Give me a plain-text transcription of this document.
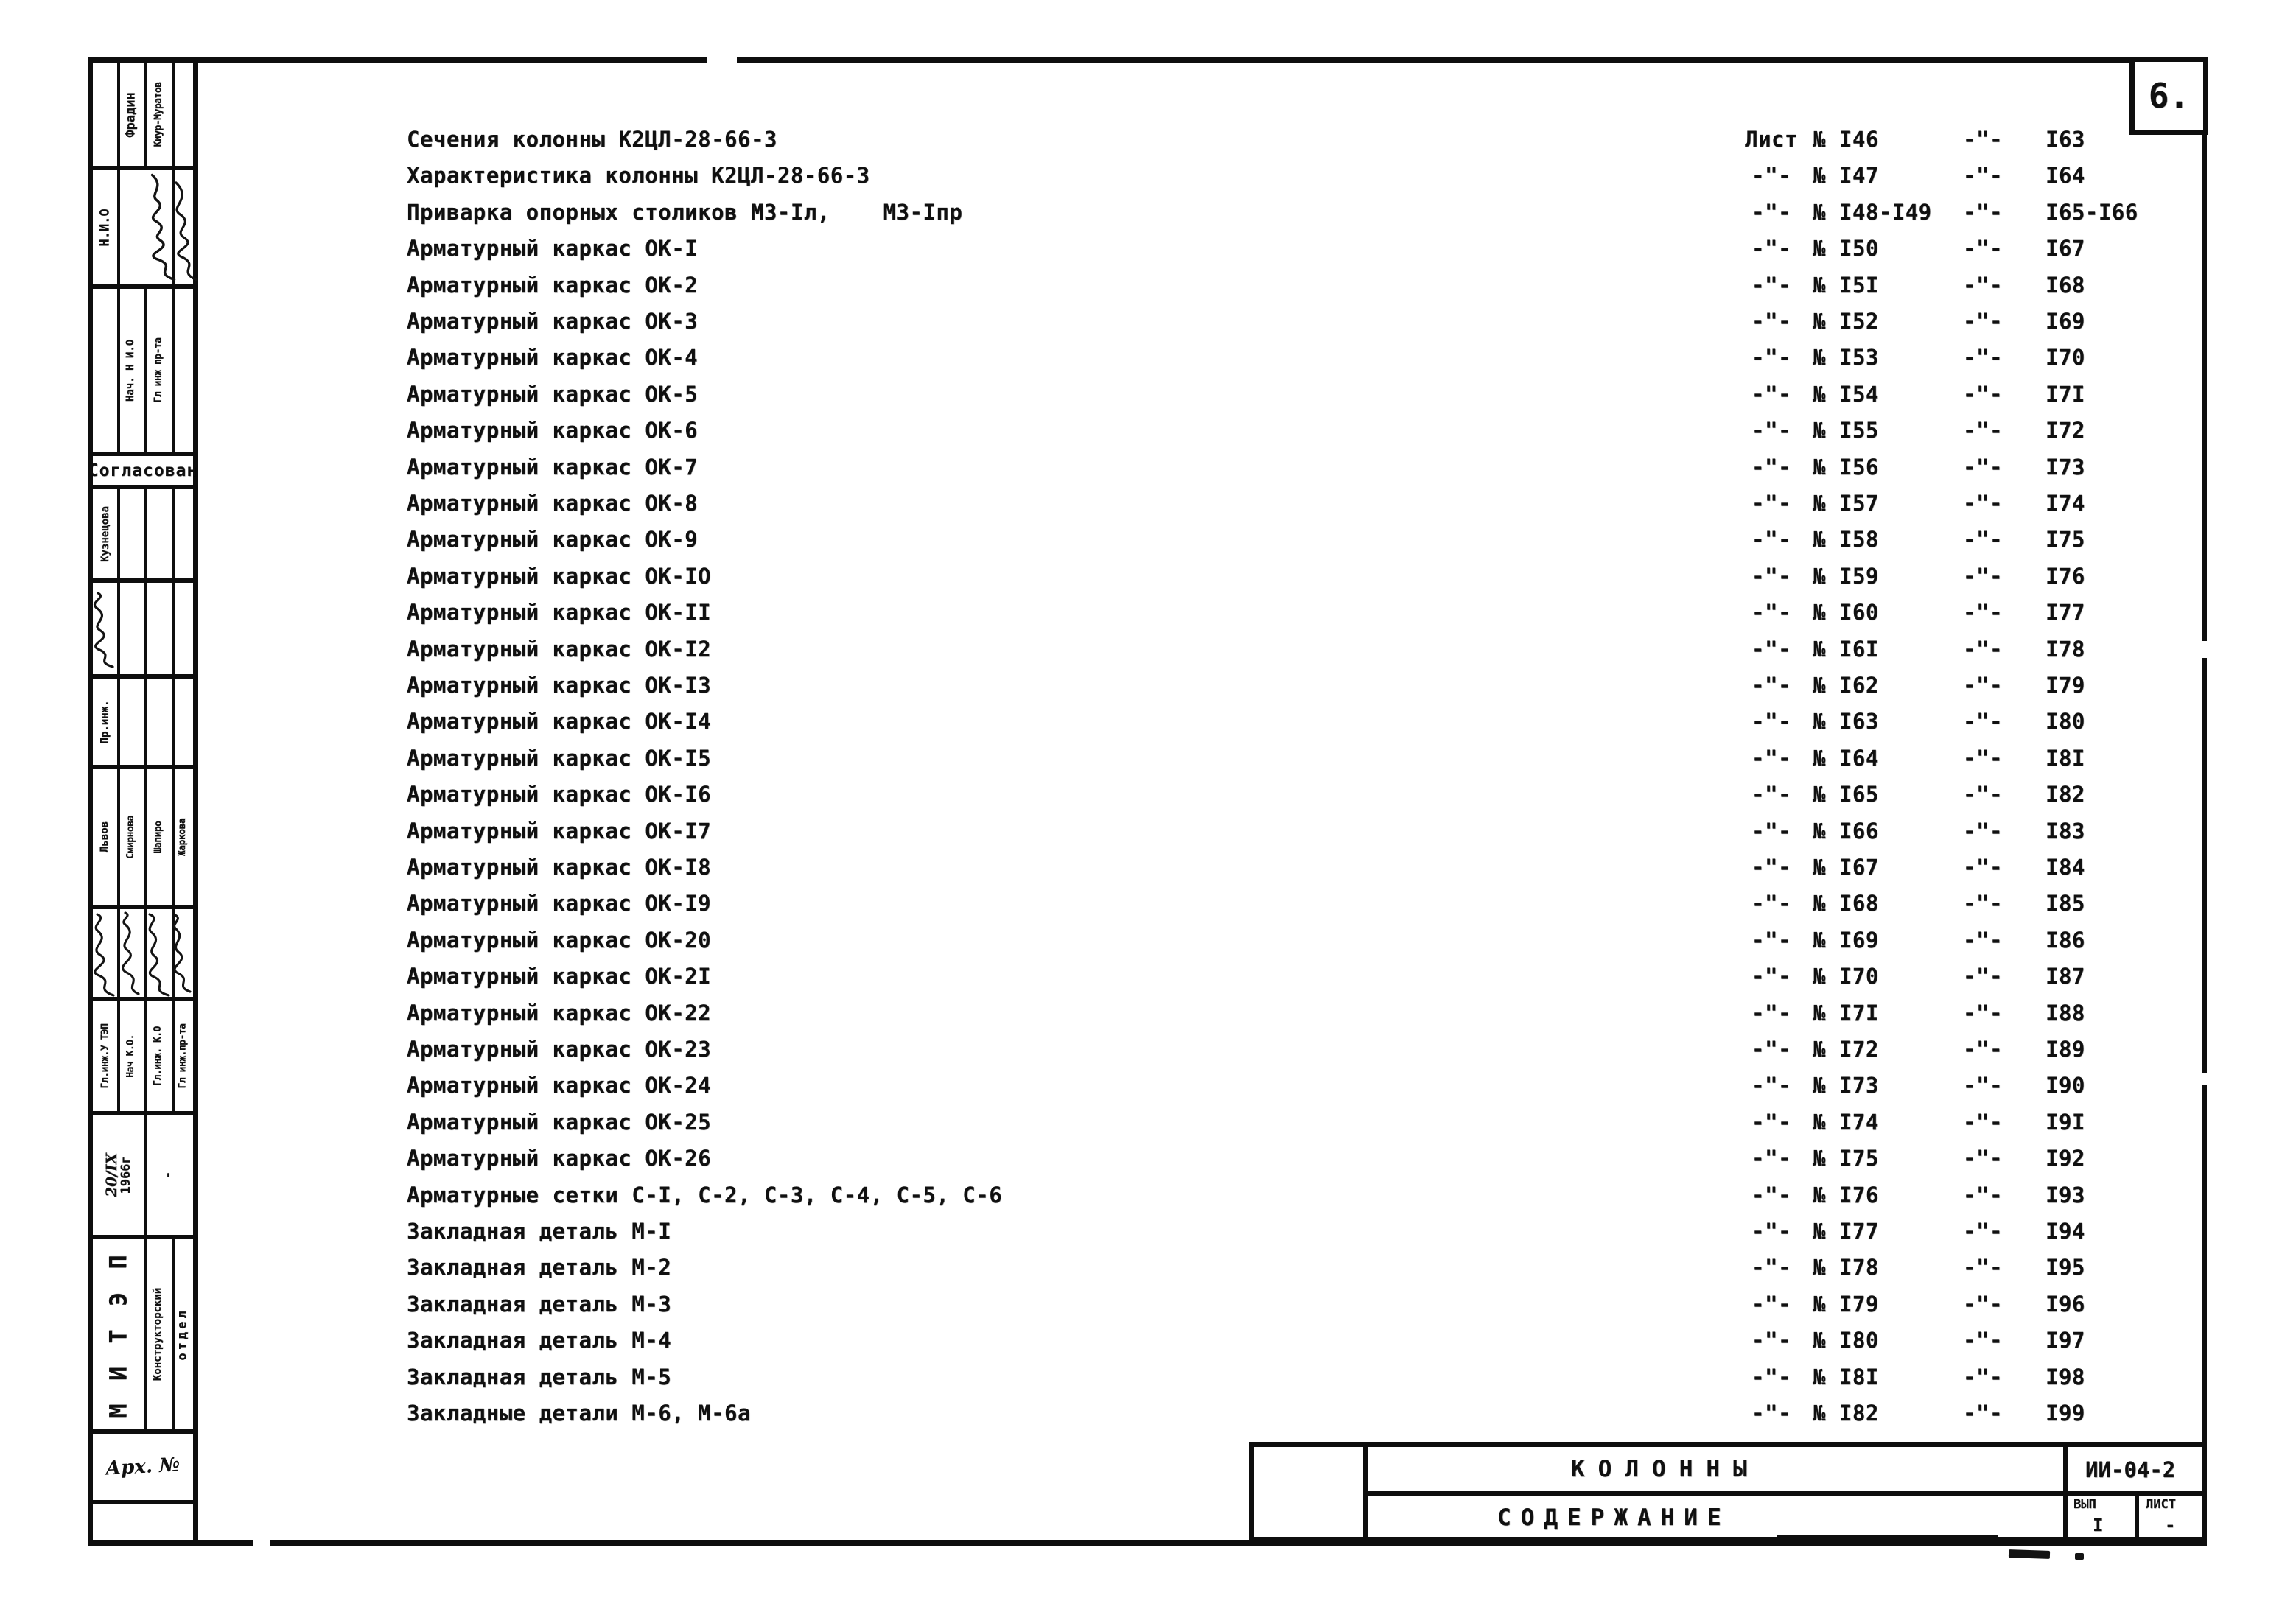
6.
Сечения колонны К2ЦЛ-28-66-3	Лист № I46	-"-	I63
Характеристика колонны К2ЦЛ-28-66-3	-"-	№ I47	-"-	I64
Приварка опорных столиков М3-Iл,    М3-Iпр	-"-	№ I48-I49	-"-	I65-I66
Арматурный каркас ОК-I	-"-	№ I50	-"-	I67
Арматурный каркас ОК-2	-"-	№ I5I	-"-	I68
Арматурный каркас ОК-3	-"-	№ I52	-"-	I69
Арматурный каркас ОК-4	-"-	№ I53	-"-	I70
Арматурный каркас ОК-5	-"-	№ I54	-"-	I7I
Арматурный каркас ОК-6	-"-	№ I55	-"-	I72
Арматурный каркас ОК-7	-"-	№ I56	-"-	I73
Арматурный каркас ОК-8	-"-	№ I57	-"-	I74
Арматурный каркас ОК-9	-"-	№ I58	-"-	I75
Арматурный каркас ОК-IO	-"-	№ I59	-"-	I76
Арматурный каркас ОК-II	-"-	№ I60	-"-	I77
Арматурный каркас ОК-I2	-"-	№ I6I	-"-	I78
Арматурный каркас ОК-I3	-"-	№ I62	-"-	I79
Арматурный каркас ОК-I4	-"-	№ I63	-"-	I80
Арматурный каркас ОК-I5	-"-	№ I64	-"-	I8I
Арматурный каркас ОК-I6	-"-	№ I65	-"-	I82
Арматурный каркас ОК-I7	-"-	№ I66	-"-	I83
Арматурный каркас ОК-I8	-"-	№ I67	-"-	I84
Арматурный каркас ОК-I9	-"-	№ I68	-"-	I85
Арматурный каркас ОК-20	-"-	№ I69	-"-	I86
Арматурный каркас ОК-2I	-"-	№ I70	-"-	I87
Арматурный каркас ОК-22	-"-	№ I7I	-"-	I88
Арматурный каркас ОК-23	-"-	№ I72	-"-	I89
Арматурный каркас ОК-24	-"-	№ I73	-"-	I90
Арматурный каркас ОК-25	-"-	№ I74	-"-	I9I
Арматурный каркас ОК-26	-"-	№ I75	-"-	I92
Арматурные сетки С-I, С-2, С-3, С-4, С-5, С-6	-"-	№ I76	-"-	I93
Закладная деталь М-I	-"-	№ I77	-"-	I94
Закладная деталь М-2	-"-	№ I78	-"-	I95
Закладная деталь М-3	-"-	№ I79	-"-	I96
Закладная деталь М-4	-"-	№ I80	-"-	I97
Закладная деталь М-5	-"-	№ I8I	-"-	I98
Закладные детали М-6, М-6а	-"-	№ I82	-"-	I99
Фрадин Киур-Муратов
Н.И.О
Нач. Н И.О Гл инж пр-та
Согласован
Кузнецова
Пр.инж.
Львов Смирнова Шапиро Жаркова
Гл.инж.У ТЭП Нач К.О. Гл.инж. К.О Гл инж.пр-та
20/IX
1966г -
М И Т Э П Конструкторский отдел
Арх. №	КОЛОННЫ
СОДЕРЖАНИЕ
ИИ-04-2
ВЫП	ЛИСТ
I	-
